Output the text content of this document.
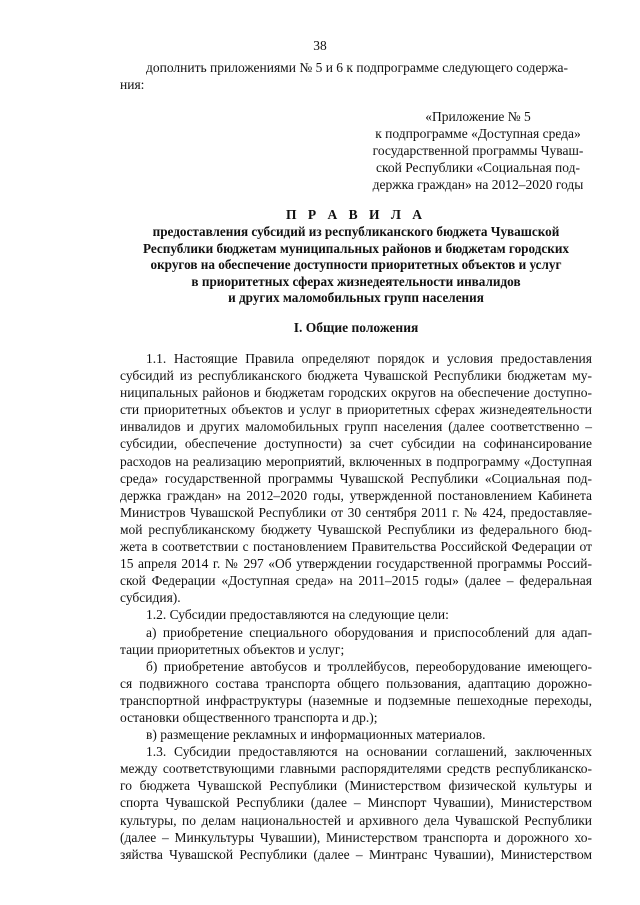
38

дополнить приложениями № 5 и 6 к подпрограмме следующего содержа-

ния:
«Приложение № 5
к подпрограмме «Доступная среда»
государственной программы Чуваш-
ской Республики «Социальная под-
держка граждан» на 2012–2020 годы
П Р А В И Л А
предоставления субсидий из республиканского бюджета Чувашской
Республики бюджетам муниципальных районов и бюджетам городских
округов на обеспечение доступности приоритетных объектов и услуг
в приоритетных сферах жизнедеятельности инвалидов
и других маломобильных групп населения
I. Общие положения
1.1. Настоящие Правила определяют порядок и условия предоставления
субсидий из республиканского бюджета Чувашской Республики бюджетам му-
ниципальных районов и бюджетам городских округов на обеспечение доступно-
сти приоритетных объектов и услуг в приоритетных сферах жизнедеятельности
инвалидов и других маломобильных групп населения (далее соответственно –
субсидии, обеспечение доступности) за счет субсидии на софинансирование
расходов на реализацию мероприятий, включенных в подпрограмму «Доступная
среда» государственной программы Чувашской Республики «Социальная под-
держка граждан» на 2012–2020 годы, утвержденной постановлением Кабинета
Министров Чувашской Республики от 30 сентября 2011 г. № 424, предоставляе-
мой республиканскому бюджету Чувашской Республики из федерального бюд-
жета в соответствии с постановлением Правительства Российской Федерации от
15 апреля 2014 г. № 297 «Об утверждении государственной программы Россий-
ской Федерации «Доступная среда» на 2011–2015 годы» (далее – федеральная
субсидия).
1.2. Субсидии предоставляются на следующие цели:
а) приобретение специального оборудования и приспособлений для адап-
тации приоритетных объектов и услуг;
б) приобретение автобусов и троллейбусов, переоборудование имеющего-
ся подвижного состава транспорта общего пользования, адаптацию дорожно-
транспортной инфраструктуры (наземные и подземные пешеходные переходы,
остановки общественного транспорта и др.);
в) размещение рекламных и информационных материалов.
1.3. Субсидии предоставляются на основании соглашений, заключенных
между соответствующими главными распорядителями средств республиканско-
го бюджета Чувашской Республики (Министерством физической культуры и
спорта Чувашской Республики (далее – Минспорт Чувашии), Министерством
культуры, по делам национальностей и архивного дела Чувашской Республики
(далее – Минкультуры Чувашии), Министерством транспорта и дорожного хо-
зяйства Чувашской Республики (далее – Минтранс Чувашии), Министерством
